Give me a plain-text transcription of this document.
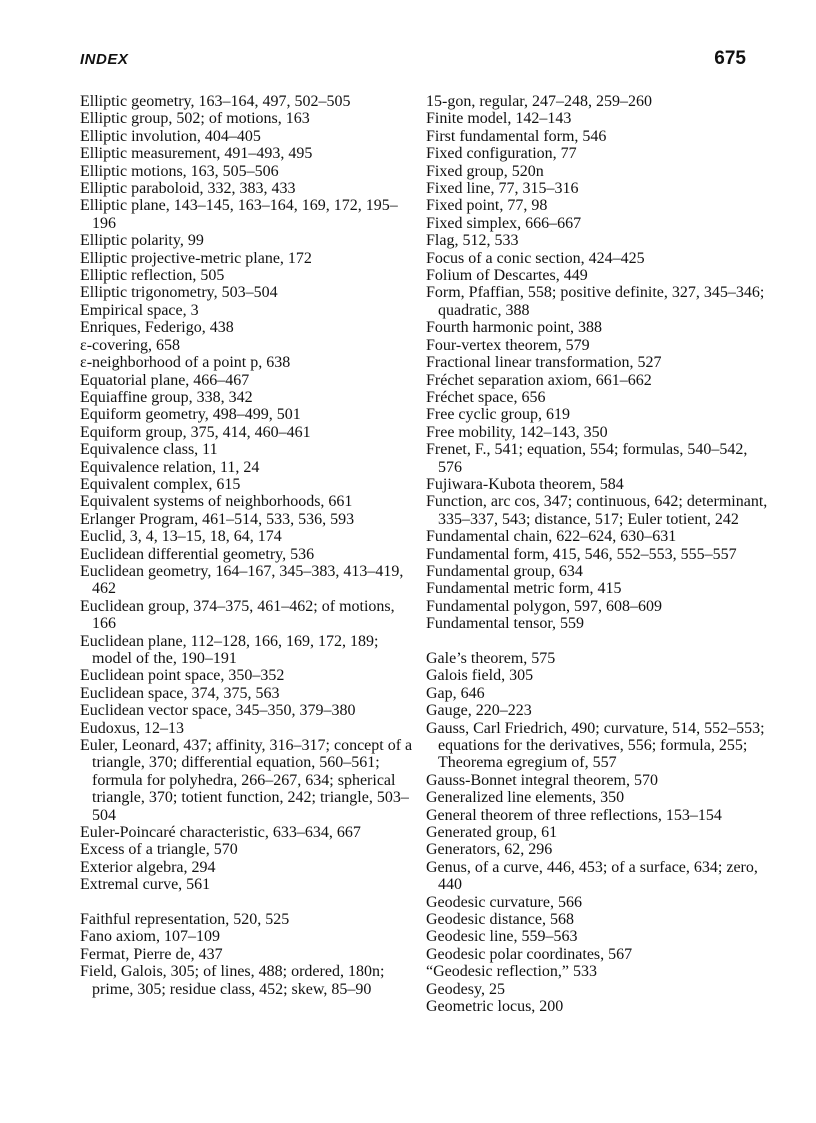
INDEX	675
Elliptic geometry, 163–164, 497, 502–505
Elliptic group, 502; of motions, 163
Elliptic involution, 404–405
Elliptic measurement, 491–493, 495
Elliptic motions, 163, 505–506
Elliptic paraboloid, 332, 383, 433
Elliptic plane, 143–145, 163–164, 169, 172, 195–196
Elliptic polarity, 99
Elliptic projective-metric plane, 172
Elliptic reflection, 505
Elliptic trigonometry, 503–504
Empirical space, 3
Enriques, Federigo, 438
ε-covering, 658
ε-neighborhood of a point p, 638
Equatorial plane, 466–467
Equiaffine group, 338, 342
Equiform geometry, 498–499, 501
Equiform group, 375, 414, 460–461
Equivalence class, 11
Equivalence relation, 11, 24
Equivalent complex, 615
Equivalent systems of neighborhoods, 661
Erlanger Program, 461–514, 533, 536, 593
Euclid, 3, 4, 13–15, 18, 64, 174
Euclidean differential geometry, 536
Euclidean geometry, 164–167, 345–383, 413–419, 462
Euclidean group, 374–375, 461–462; of motions, 166
Euclidean plane, 112–128, 166, 169, 172, 189; model of the, 190–191
Euclidean point space, 350–352
Euclidean space, 374, 375, 563
Euclidean vector space, 345–350, 379–380
Eudoxus, 12–13
Euler, Leonard, 437; affinity, 316–317; concept of a triangle, 370; differential equation, 560–561; formula for polyhedra, 266–267, 634; spherical triangle, 370; totient function, 242; triangle, 503–504
Euler-Poincaré characteristic, 633–634, 667
Excess of a triangle, 570
Exterior algebra, 294
Extremal curve, 561
Faithful representation, 520, 525
Fano axiom, 107–109
Fermat, Pierre de, 437
Field, Galois, 305; of lines, 488; ordered, 180n; prime, 305; residue class, 452; skew, 85–90
15-gon, regular, 247–248, 259–260
Finite model, 142–143
First fundamental form, 546
Fixed configuration, 77
Fixed group, 520n
Fixed line, 77, 315–316
Fixed point, 77, 98
Fixed simplex, 666–667
Flag, 512, 533
Focus of a conic section, 424–425
Folium of Descartes, 449
Form, Pfaffian, 558; positive definite, 327, 345–346; quadratic, 388
Fourth harmonic point, 388
Four-vertex theorem, 579
Fractional linear transformation, 527
Fréchet separation axiom, 661–662
Fréchet space, 656
Free cyclic group, 619
Free mobility, 142–143, 350
Frenet, F., 541; equation, 554; formulas, 540–542, 576
Fujiwara-Kubota theorem, 584
Function, arc cos, 347; continuous, 642; determinant, 335–337, 543; distance, 517; Euler totient, 242
Fundamental chain, 622–624, 630–631
Fundamental form, 415, 546, 552–553, 555–557
Fundamental group, 634
Fundamental metric form, 415
Fundamental polygon, 597, 608–609
Fundamental tensor, 559
Gale’s theorem, 575
Galois field, 305
Gap, 646
Gauge, 220–223
Gauss, Carl Friedrich, 490; curvature, 514, 552–553; equations for the derivatives, 556; formula, 255; Theorema egregium of, 557
Gauss-Bonnet integral theorem, 570
Generalized line elements, 350
General theorem of three reflections, 153–154
Generated group, 61
Generators, 62, 296
Genus, of a curve, 446, 453; of a surface, 634; zero, 440
Geodesic curvature, 566
Geodesic distance, 568
Geodesic line, 559–563
Geodesic polar coordinates, 567
“Geodesic reflection,” 533
Geodesy, 25
Geometric locus, 200
